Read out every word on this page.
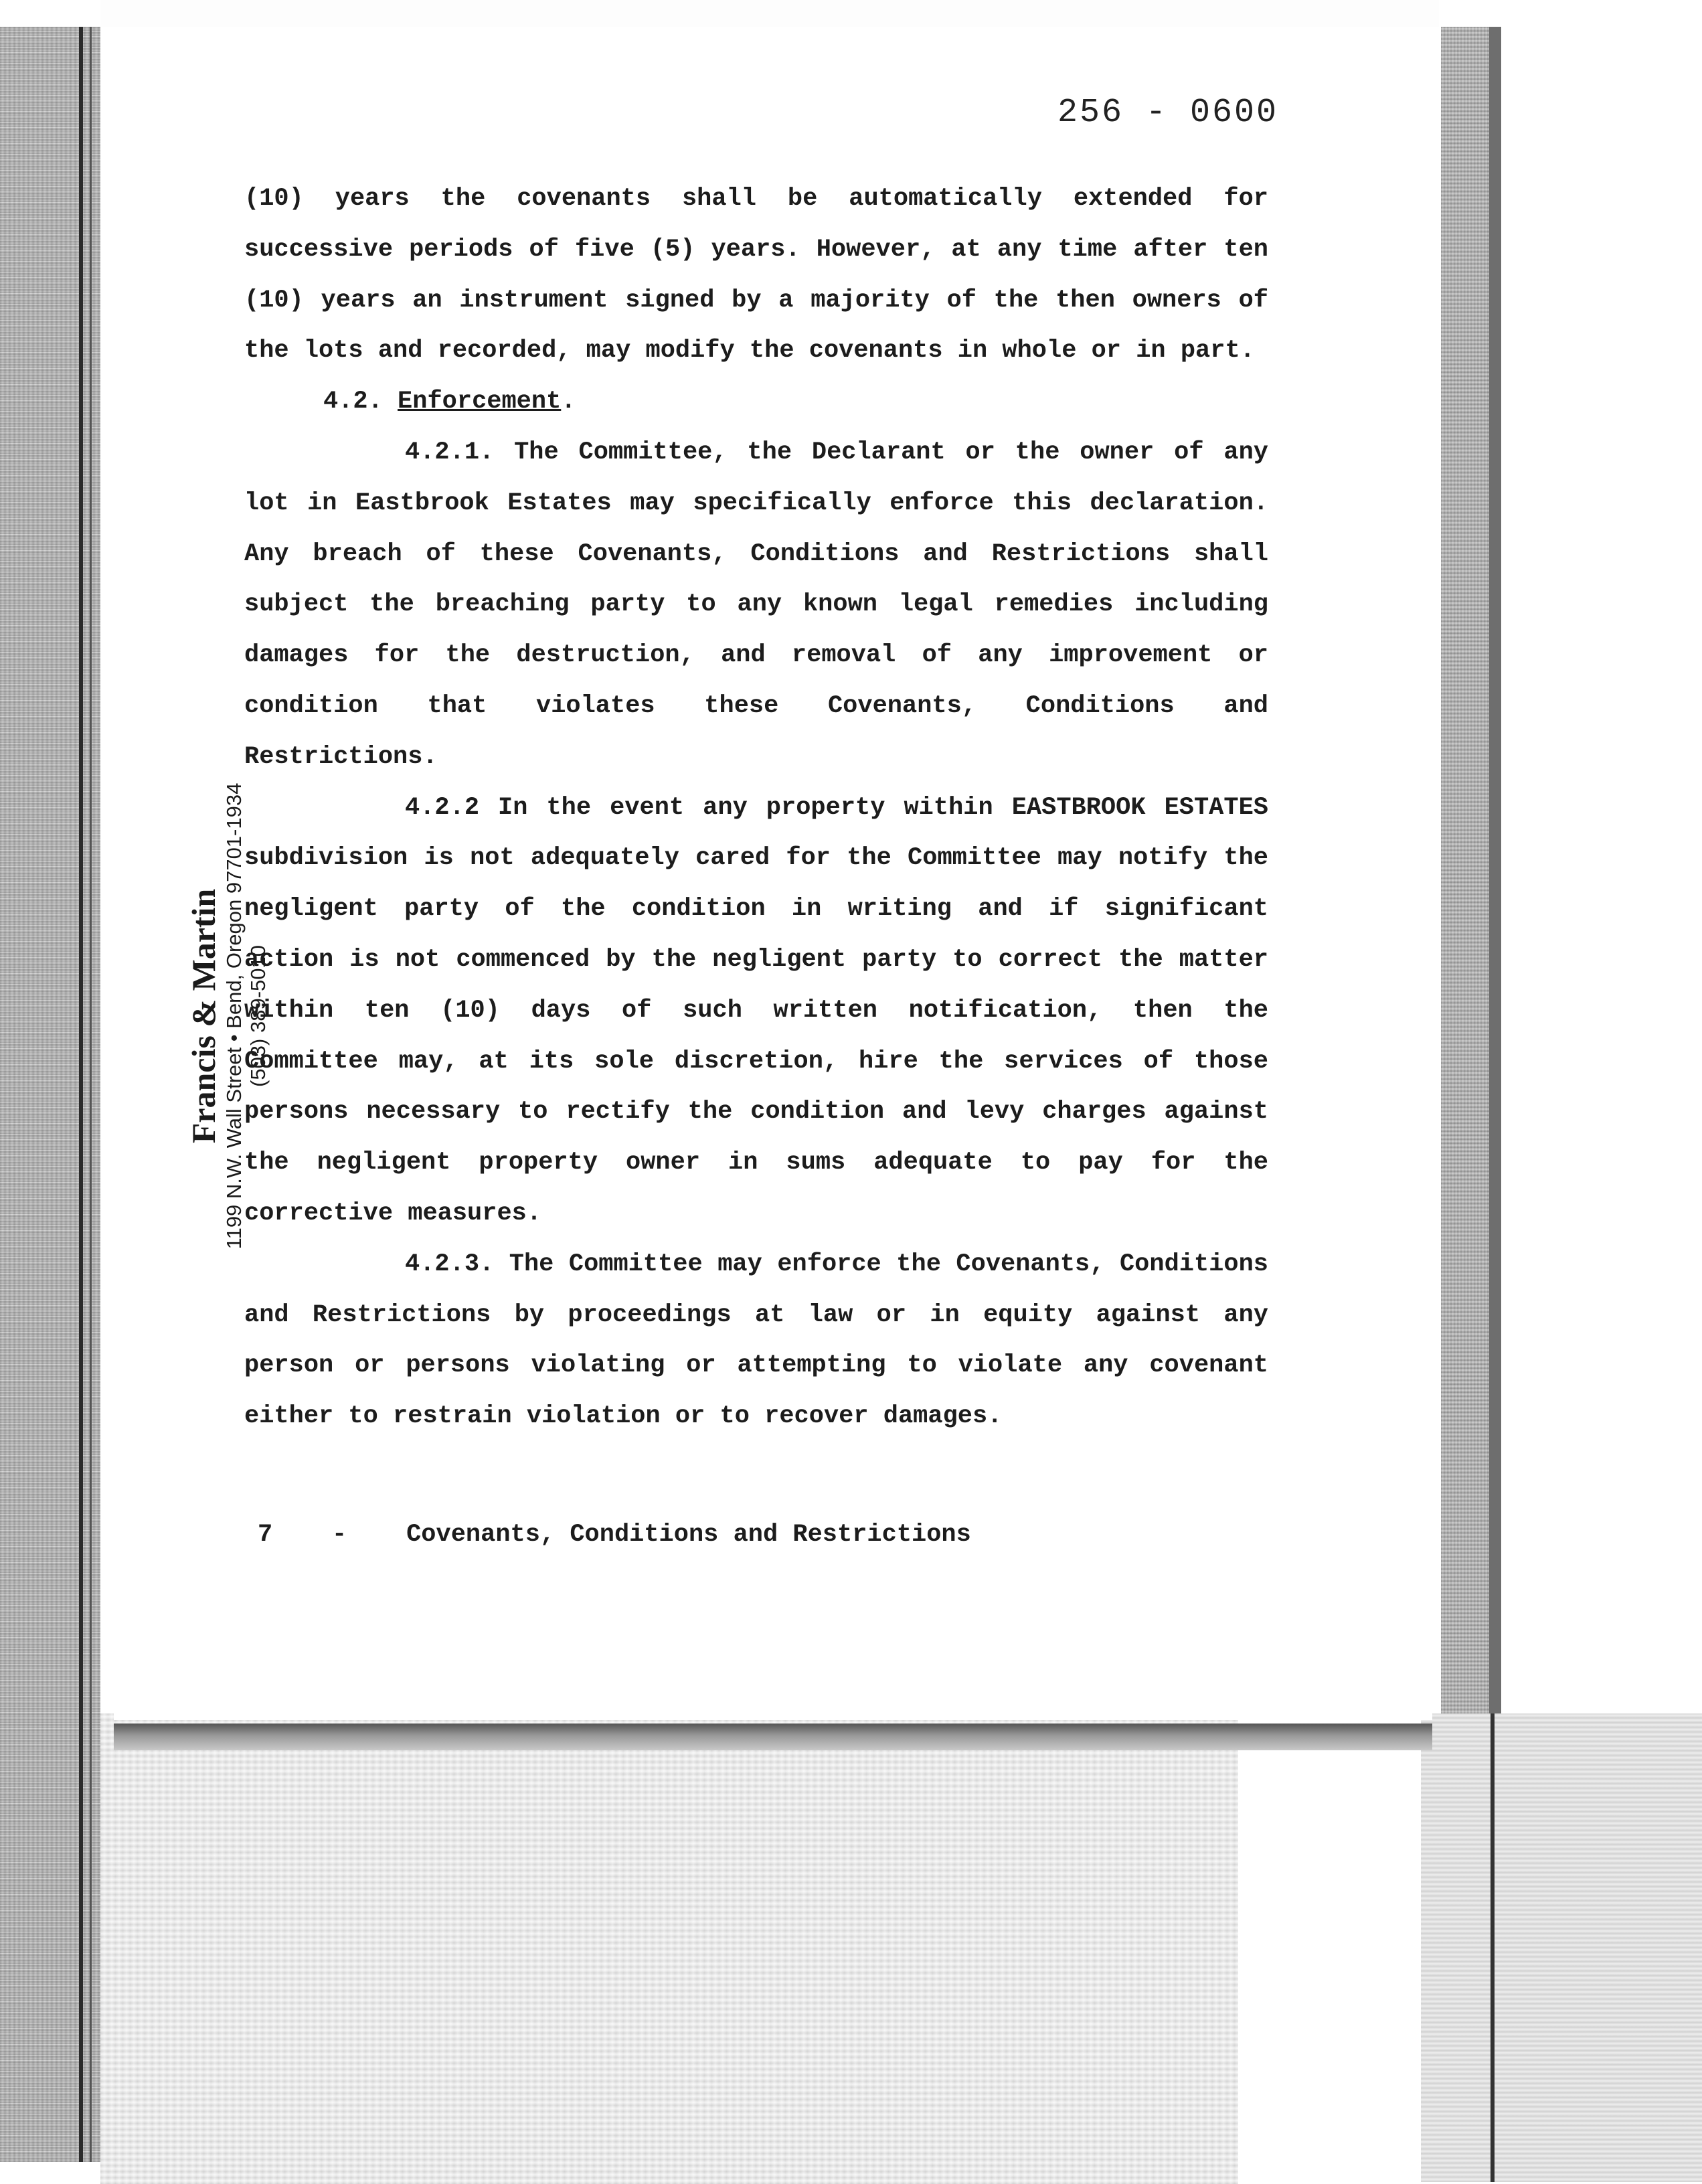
256 - 0600
Francis & Martin 1199 N.W. Wall Street • Bend, Oregon 97701-1934 (503) 389-5010

(10) years the covenants shall be automatically extended for successive periods of five (5) years. However, at any time after ten (10) years an instrument signed by a majority of the then owners of the lots and recorded, may modify the covenants in whole or in part.

4.2. Enforcement.

4.2.1. The Committee, the Declarant or the owner of any lot in Eastbrook Estates may specifically enforce this declaration. Any breach of these Covenants, Conditions and Restrictions shall subject the breaching party to any known legal remedies including damages for the destruction, and removal of any improvement or condition that violates these Covenants, Conditions and Restrictions.

4.2.2 In the event any property within EASTBROOK ESTATES subdivision is not adequately cared for the Committee may notify the negligent party of the condition in writing and if significant action is not commenced by the negligent party to correct the matter within ten (10) days of such written notification, then the Committee may, at its sole discretion, hire the services of those persons necessary to rectify the condition and levy charges against the negligent property owner in sums adequate to pay for the corrective measures.

4.2.3. The Committee may enforce the Covenants, Conditions and Restrictions by proceedings at law or in equity against any person or persons violating or attempting to violate any covenant either to restrain violation or to recover damages.

7 - Covenants, Conditions and Restrictions
